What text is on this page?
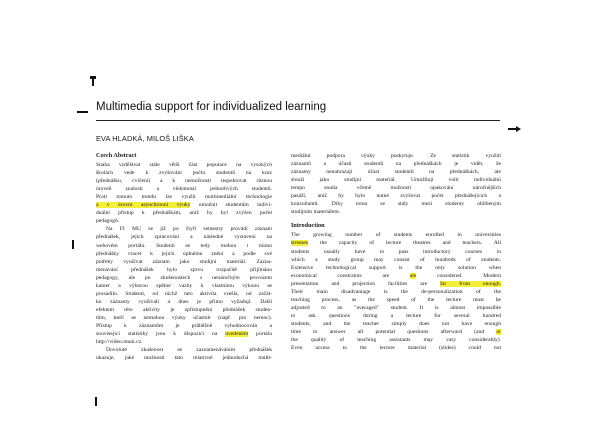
Multimedia support for individualized learning
EVA HLADKÁ, MILOŠ LIŠKA
Czech Abstract
Snaha vzdělávat stále větší část populace na vysokých
školách vede k zvyšování počtu studentů na kurz
(přednášku, cvičení) a k nemožnosti respektovat různou
úroveň znalostí a vědomostí jednotlivých studentů.
Proti tomuto trendu lze využít multimediální technologie
a v úrovni asynchronní výuky umožnit studentům indivi-
duální přístup k přednáškám, aniž by byl zvýšen počet
pedagogů.
Na FI MU se již po čtyři semestry provádí záznam
přednášek, jejich zpracování a následné vystavení na
webovém portálu. Studenti se tedy mohou i mimo
přednášky vracet k jejich úplnému znění a podle své
potřeby využívat záznam jako studijní materiál. Zazna-
menávání přednášek bylo zprvu rozpačitě přijímáno
pedagogy, ale po zkušenostech s nenáročným provozem
kamer a výborou zpětné vazby k vlastnímu výkonu se
prosadilo. Studenti, od nichž tato aktivita vzešla, od začát-
ku záznamy využívali a dnes je přímo vyžadují. Další
efektem této aktivity je zpřístupnění přednášek studen-
tům, kteří se nemohou výuky účastnit (např. pro nemoc).
Přístup k záznamům je průběžně vyhodnocován a
související statistiky jsou k dispozici na uvedeném portálu
http://video.muni.cz.
Dovoluté zkušenost se zaznamenáváním přednášek
ukazuje, jaké možnosti tato relativně jednoduchá multi-
mediální podpora výuky poskytuje. Ze statistik využití
záznamů a účasti studentů na přednáškách je vidět, že
záznamy nenahrazují účast studentů na přednáškách, ale
slouží jako studijní materiál. Umožňují volit individuální
tempo studia včetně možnosti opakování náročnějších
pasáží, aniž by bylo nutné zvyšovat počet přednášejících a
konzultantů. Díky tomu se stály mezi studenty oblíbeným
studijním materiálem.
Introduction
The growing number of students enrolled in universities
stresses the capacity of lecture theatres and teachers. All
students usually have to pass introductory courses in
which a study group may consist of hundreds of students.
Extensive technological support is the only solution when
economical constraints are ale considered. Modern
presentation and projection facilities are far from enough.
Their main disadvantage is the de-personalization of the
teaching process, as the speed of the lecture must be
adjusted to an "averaged" student. It is almost impossible
to ask questions during a lecture for several hundred
students, and the teacher simply does not have enough
time to answer all potential questions afterward (and or
the quality of teaching assistants may vary considerably).
Even access to the lecture material (slides) could not
